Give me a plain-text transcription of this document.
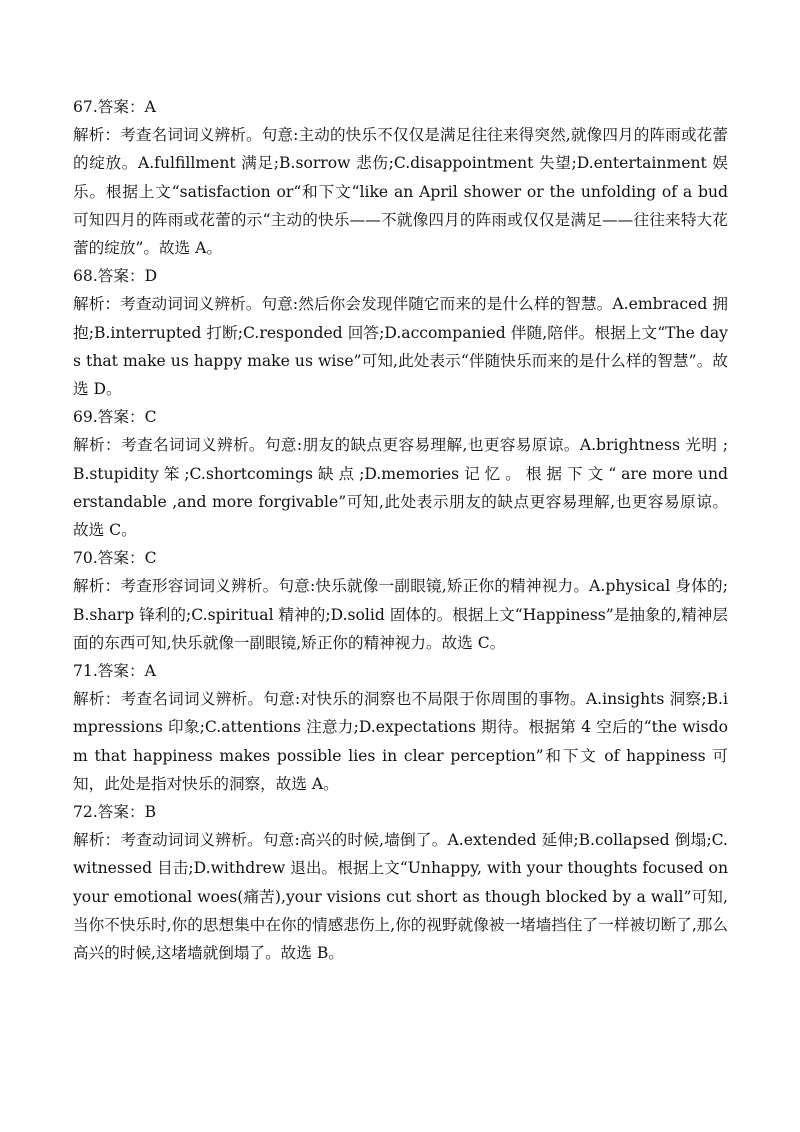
67.答案：A

解析：考查名词词义辨析。句意:主动的快乐不仅仅是满足往往来得突然,就像四月的阵雨或花蕾的绽放。A.fulfillment 满足;B.sorrow 悲伤;C.disappointment 失望;D.entertainment 娱乐。根据上文“satisfaction or“和下文“like an April shower or the unfolding of a bud 可知四月的阵雨或花蕾的示“主动的快乐——不就像四月的阵雨或仅仅是满足——往往来特大花蕾的绽放”。故选 A。

68.答案：D

解析：考查动词词义辨析。句意:然后你会发现伴随它而来的是什么样的智慧。A.embraced 拥抱;B.interrupted 打断;C.responded 回答;D.accompanied 伴随,陪伴。根据上文“The days that make us happy make us wise”可知,此处表示“伴随快乐而来的是什么样的智慧”。故选 D。

69.答案：C

解析：考查名词词义辨析。句意:朋友的缺点更容易理解,也更容易原谅。A.brightness 光明 ;B.stupidity 笨 ;C.shortcomings 缺 点 ;D.memories 记 忆 。 根 据 下 文 “ are more understandable ,and more forgivable”可知,此处表示朋友的缺点更容易理解,也更容易原谅。故选 C。

70.答案：C

解析：考查形容词词义辨析。句意:快乐就像一副眼镜,矫正你的精神视力。A.physical 身体的;B.sharp 锋利的;C.spiritual 精神的;D.solid 固体的。根据上文“Happiness”是抽象的,精神层面的东西可知,快乐就像一副眼镜,矫正你的精神视力。故选 C。

71.答案：A

解析：考查名词词义辨析。句意:对快乐的洞察也不局限于你周围的事物。A.insights 洞察;B.impressions 印象;C.attentions 注意力;D.expectations 期待。根据第 4 空后的“the wisdom that happiness makes possible lies in clear perception”和下文 of happiness 可知，此处是指对快乐的洞察，故选 A。

72.答案：B

解析：考查动词词义辨析。句意:高兴的时候,墙倒了。A.extended 延伸;B.collapsed 倒塌;C.witnessed 目击;D.withdrew 退出。根据上文“Unhappy, with your thoughts focused on your emotional woes(痛苦),your visions cut short as though blocked by a wall”可知,当你不快乐时,你的思想集中在你的情感悲伤上,你的视野就像被一堵墙挡住了一样被切断了,那么高兴的时候,这堵墙就倒塌了。故选 B。
